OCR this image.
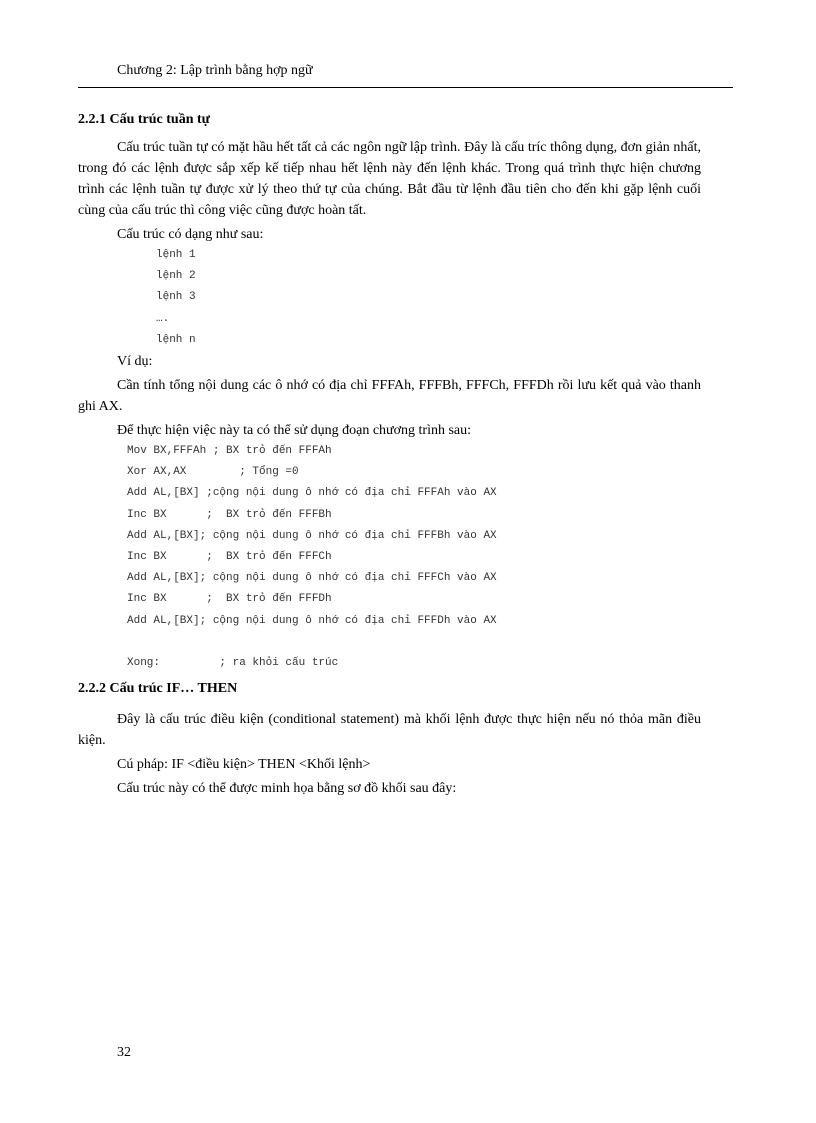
Chương 2: Lập trình bằng hợp ngữ
2.2.1 Cấu trúc tuần tự
Cấu trúc tuần tự có mặt hầu hết tất cả các ngôn ngữ lập trình. Đây là cấu tríc thông dụng, đơn giản nhất, trong đó các lệnh được sắp xếp kế tiếp nhau hết lệnh này đến lệnh khác. Trong quá trình thực hiện chương trình các lệnh tuần tự được xử lý theo thứ tự của chúng. Bắt đầu từ lệnh đầu tiên cho đến khi gặp lệnh cuối cùng của cấu trúc thì công việc cũng được hoàn tất.
Cấu trúc có dạng như sau:
lệnh 1
lệnh 2
lệnh 3
….
lệnh n
Ví dụ:
Cần tính tổng nội dung các ô nhớ có địa chỉ FFFAh, FFFBh, FFFCh, FFFDh rồi lưu kết quả vào thanh ghi AX.
Để thực hiện việc này ta có thể sử dụng đoạn chương trình sau:
Mov BX,FFFAh ; BX trỏ đến FFFAh
Xor AX,AX        ; Tổng =0
Add AL,[BX] ;cộng nội dung ô nhớ có địa chỉ FFFAh vào AX
Inc BX      ;  BX trỏ đến FFFBh
Add AL,[BX]; cộng nội dung ô nhớ có địa chỉ FFFBh vào AX
Inc BX      ;  BX trỏ đến FFFCh
Add AL,[BX]; cộng nội dung ô nhớ có địa chỉ FFFCh vào AX
Inc BX      ;  BX trỏ đến FFFDh
Add AL,[BX]; cộng nội dung ô nhớ có địa chỉ FFFDh vào AX
Xong:         ; ra khỏi cấu trúc
2.2.2 Cấu trúc IF… THEN
Đây là cấu trúc điều kiện (conditional statement) mà khối lệnh được thực hiện nếu nó thỏa mãn điều kiện.
Cú pháp: IF <điều kiện> THEN <Khối lệnh>
Cấu trúc này có thể được minh họa bằng sơ đồ khối sau đây:
32
